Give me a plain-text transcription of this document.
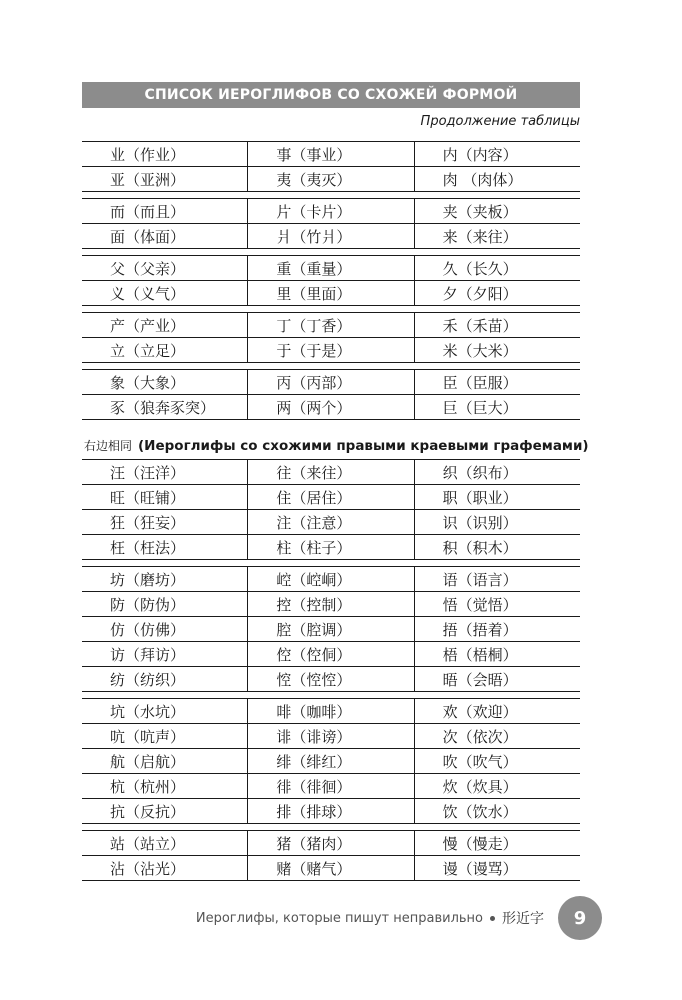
СПИСОК ИЕРОГЛИФОВ СО СХОЖЕЙ ФОРМОЙ
Продолжение таблицы
业（作业）	事（事业）	内（内容）
亚（亚洲）	夷（夷灭）	肉 （肉体）
而（而且）	片（卡片）	夹（夹板）
面（体面）	爿（竹爿）	来（来往）
父（父亲）	重（重量）	久（长久）
义（义气）	里（里面）	夕（夕阳）
产（产业）	丁（丁香）	禾（禾苗）
立（立足）	于（于是）	米（大米）
象（大象）	丙（丙部）	臣（臣服）
豕（狼奔豕突）	两（两个）	巨（巨大）
右边相同 (Иероглифы со схожими правыми краевыми графемами)
汪（汪洋）	往（来往）	织（织布）
旺（旺铺）	住（居住）	职（职业）
狂（狂妄）	注（注意）	识（识别）
枉（枉法）	柱（柱子）	积（积木）
坊（磨坊）	崆（崆峒）	语（语言）
防（防伪）	控（控制）	悟（觉悟）
仿（仿佛）	腔（腔调）	捂（捂着）
访（拜访）	倥（倥侗）	梧（梧桐）
纺（纺织）	悾（悾悾）	晤（会晤）
坑（水坑）	啡（咖啡）	欢（欢迎）
吭（吭声）	诽（诽谤）	次（依次）
航（启航）	绯（绯红）	吹（吹气）
杭（杭州）	徘（徘徊）	炊（炊具）
抗（反抗）	排（排球）	饮（饮水）
站（站立）	猪（猪肉）	慢（慢走）
沾（沾光）	赌（赌气）	谩（谩骂）
Иероглифы, которые пишут неправильно 形近字 9
